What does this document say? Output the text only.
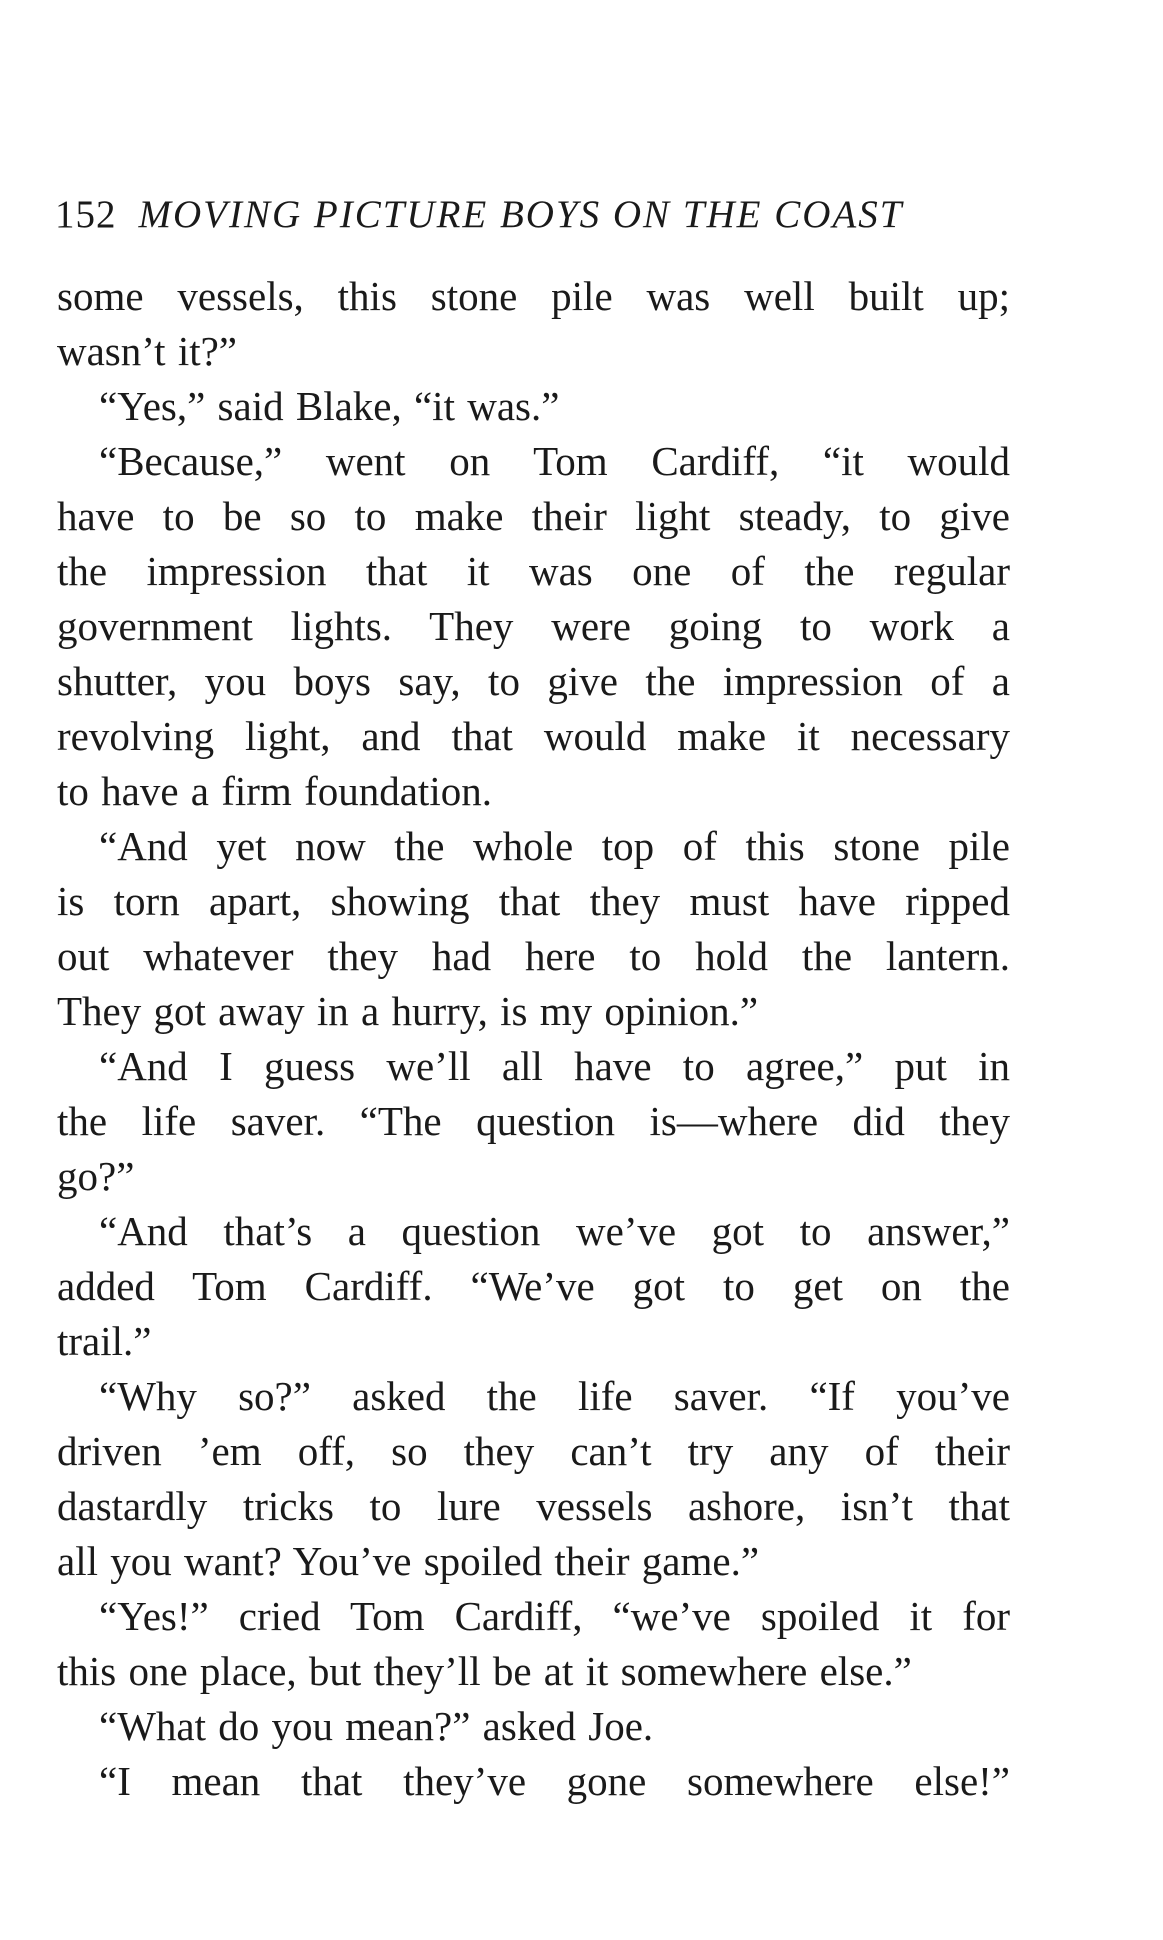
152 MOVING PICTURE BOYS ON THE COAST
some vessels, this stone pile was well built up;
wasn’t it?”
“Yes,” said Blake, “it was.”
“Because,” went on Tom Cardiff, “it would
have to be so to make their light steady, to give
the impression that it was one of the regular
government lights. They were going to work a
shutter, you boys say, to give the impression of a
revolving light, and that would make it necessary
to have a firm foundation.
“And yet now the whole top of this stone pile
is torn apart, showing that they must have ripped
out whatever they had here to hold the lantern.
They got away in a hurry, is my opinion.”
“And I guess we’ll all have to agree,” put in
the life saver. “The question is—where did they
go?”
“And that’s a question we’ve got to answer,”
added Tom Cardiff. “We’ve got to get on the
trail.”
“Why so?” asked the life saver. “If you’ve
driven ’em off, so they can’t try any of their
dastardly tricks to lure vessels ashore, isn’t that
all you want? You’ve spoiled their game.”
“Yes!” cried Tom Cardiff, “we’ve spoiled it for
this one place, but they’ll be at it somewhere else.”
“What do you mean?” asked Joe.
“I mean that they’ve gone somewhere else!”
